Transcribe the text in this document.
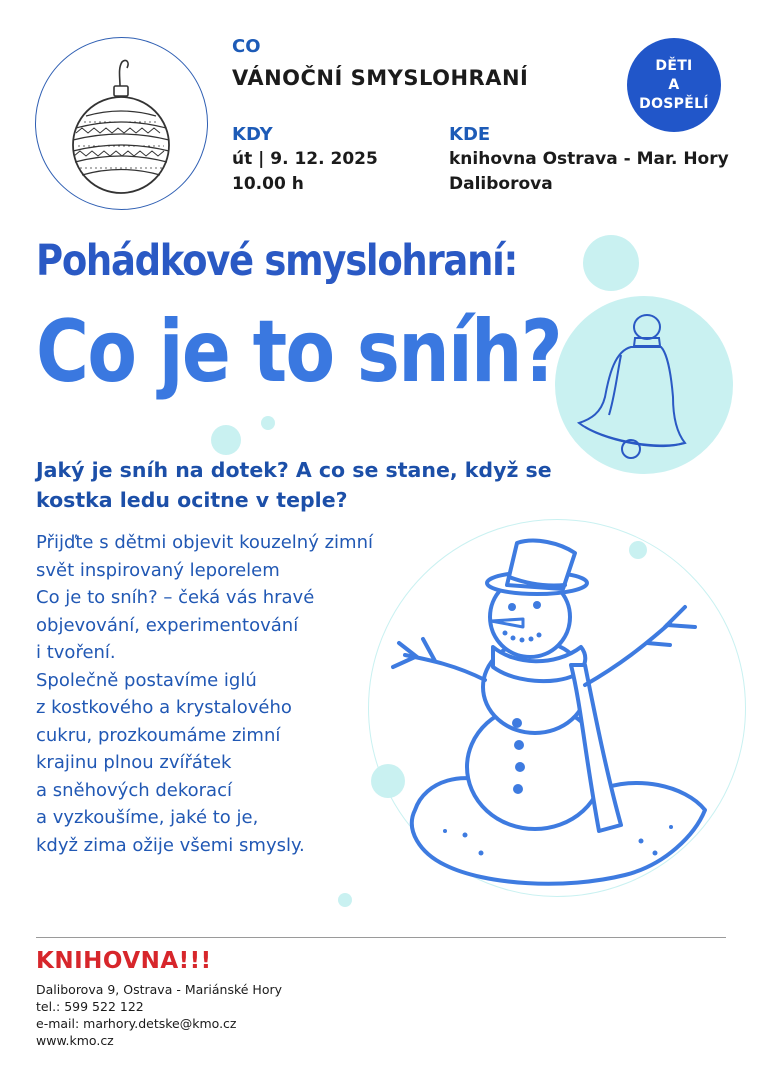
CO
VÁNOČNÍ SMYSLOHRANÍ
KDY
út | 9. 12. 2025
10.00 h
KDE
knihovna Ostrava - Mar. Hory
Daliborova
DĚTI
A
DOSPĚLÍ
Pohádkové smyslohraní:
Co je to sníh?
Jaký je sníh na dotek? A co se stane, když se kostka ledu ocitne v teple?
Přijďte s dětmi objevit kouzelný zimní
svět inspirovaný leporelem
Co je to sníh? – čeká vás hravé
objevování, experimentování
i tvoření.
Společně postavíme iglú
z kostkového a krystalového
cukru, prozkoumáme zimní
krajinu plnou zvířátek
a sněhových dekorací
a vyzkoušíme, jaké to je,
když zima ožije všemi smysly.
KNIHOVNA!!!
Daliborova 9, Ostrava - Mariánské Hory
tel.: 599 522 122
e-mail: marhory.detske@kmo.cz
www.kmo.cz
